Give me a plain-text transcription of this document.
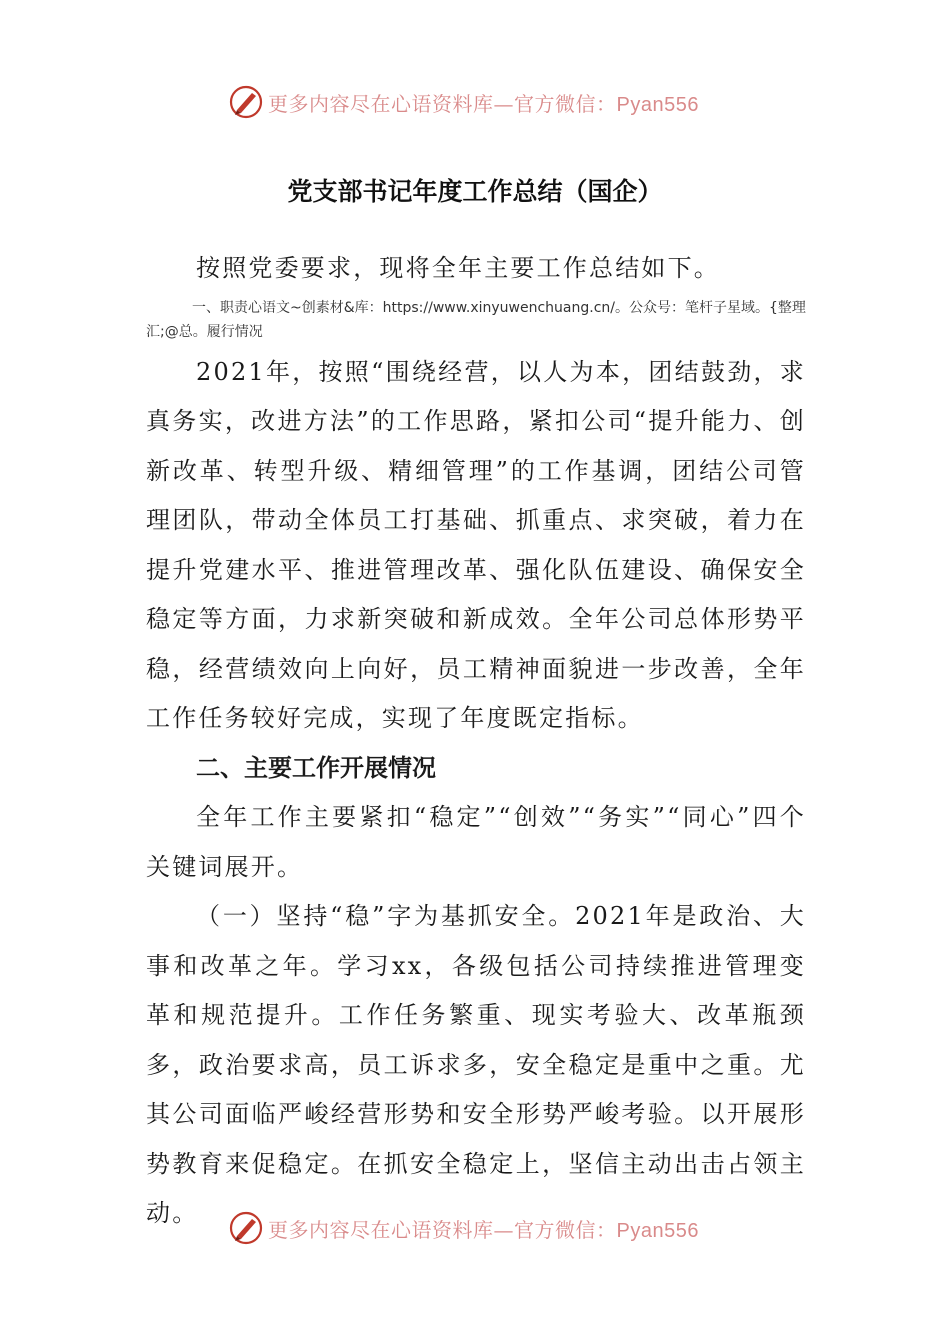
更多内容尽在心语资料库—官方微信：Pyan556
党支部书记年度工作总结（国企）

按照党委要求，现将全年主要工作总结如下。

一、职责心语文~创素材&库：https://www.xinyuwenchuang.cn/。公众号：笔杆子星域。{整理汇;@总。履行情况

2021年，按照“围绕经营，以人为本，团结鼓劲，求真务实，改进方法”的工作思路，紧扣公司“提升能力、创新改革、转型升级、精细管理”的工作基调，团结公司管理团队，带动全体员工打基础、抓重点、求突破，着力在提升党建水平、推进管理改革、强化队伍建设、确保安全稳定等方面，力求新突破和新成效。全年公司总体形势平稳，经营绩效向上向好，员工精神面貌进一步改善，全年工作任务较好完成，实现了年度既定指标。

二、主要工作开展情况

全年工作主要紧扣“稳定”“创效”“务实”“同心”四个关键词展开。

（一）坚持“稳”字为基抓安全。2021年是政治、大事和改革之年。学习xx，各级包括公司持续推进管理变革和规范提升。工作任务繁重、现实考验大、改革瓶颈多，政治要求高，员工诉求多，安全稳定是重中之重。尤其公司面临严峻经营形势和安全形势严峻考验。以开展形势教育来促稳定。在抓安全稳定上，坚信主动出击占领主动。

更多内容尽在心语资料库—官方微信：Pyan556
